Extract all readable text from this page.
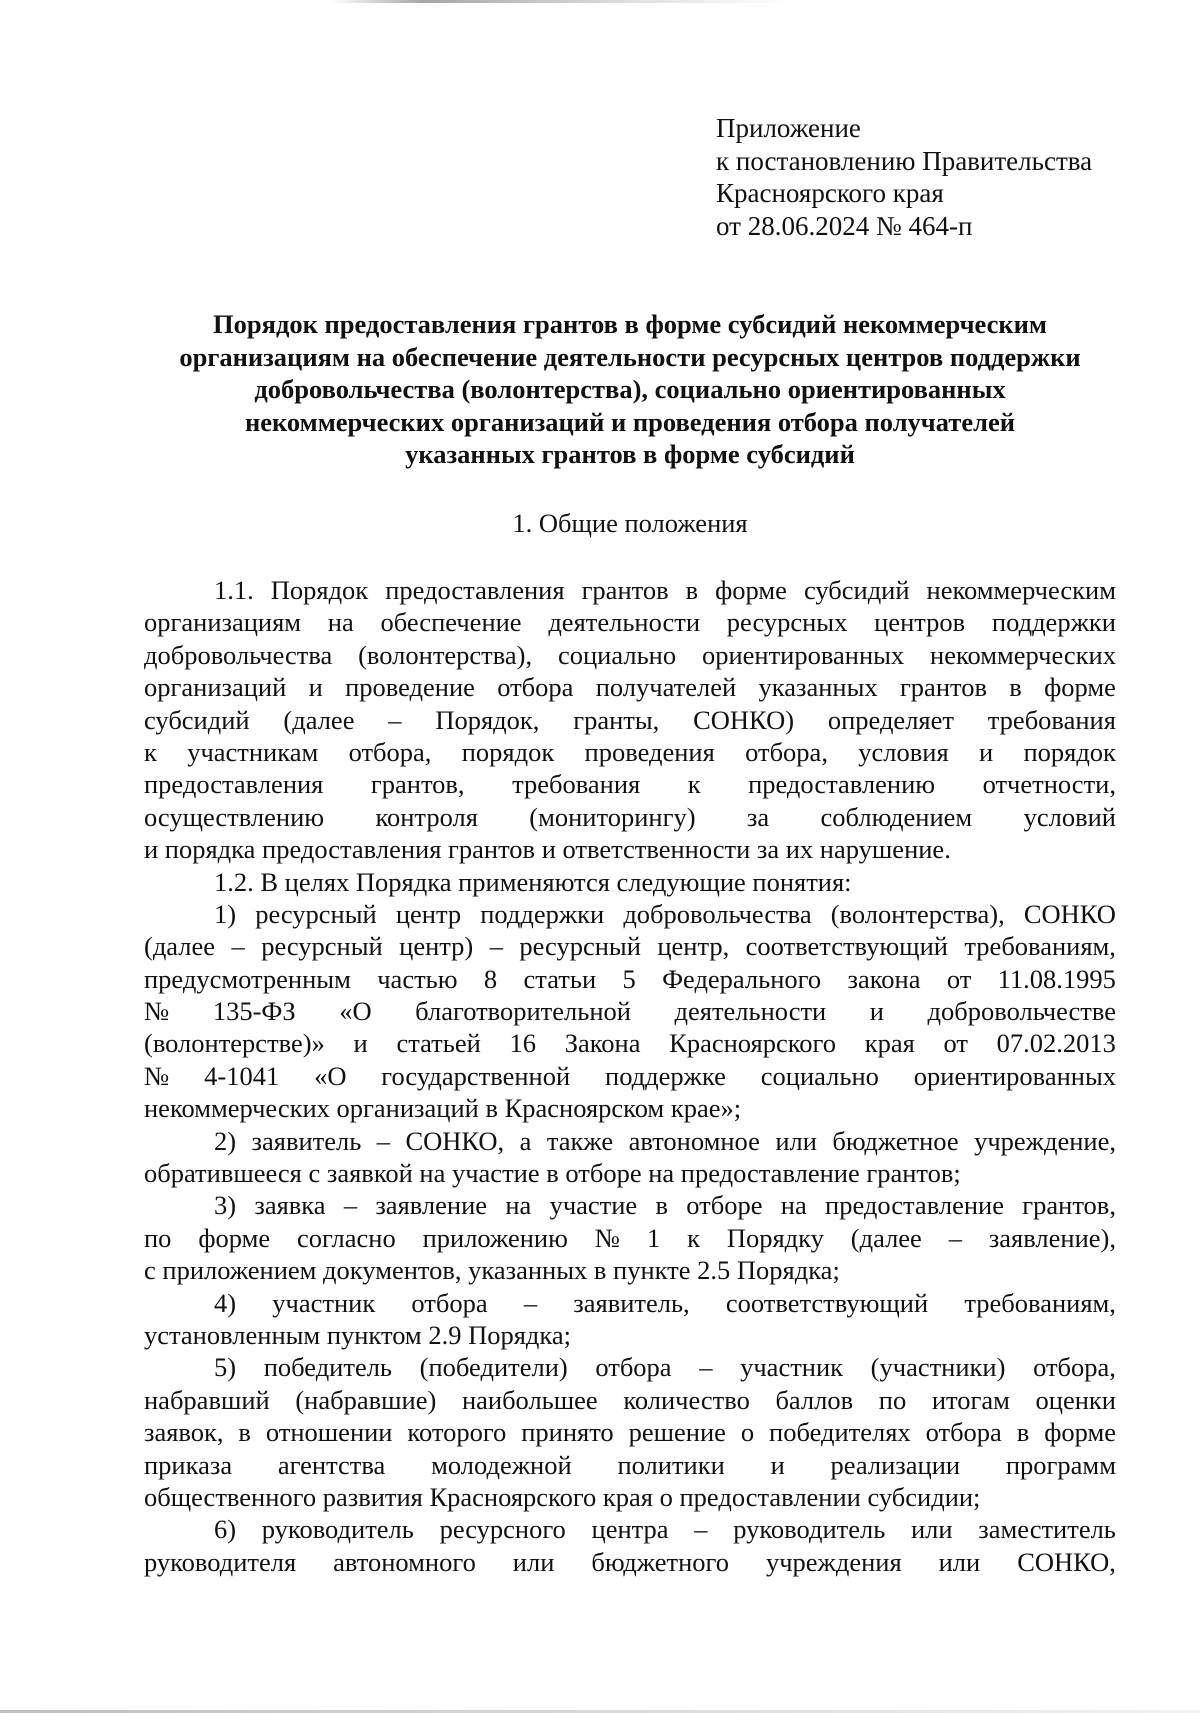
Приложение
к постановлению Правительства
Красноярского края
от 28.06.2024 № 464-п
Порядок предоставления грантов в форме субсидий некоммерческим
организациям на обеспечение деятельности ресурсных центров поддержки
добровольчества (волонтерства), социально ориентированных
некоммерческих организаций и проведения отбора получателей
указанных грантов в форме субсидий
1. Общие положения
1.1. Порядок предоставления грантов в форме субсидий некоммерческим
организациям на обеспечение деятельности ресурсных центров поддержки
добровольчества (волонтерства), социально ориентированных некоммерческих
организаций и проведение отбора получателей указанных грантов в форме
субсидий (далее – Порядок, гранты, СОНКО) определяет требования
к участникам отбора, порядок проведения отбора, условия и порядок
предоставления грантов, требования к предоставлению отчетности,
осуществлению контроля (мониторингу) за соблюдением условий
и порядка предоставления грантов и ответственности за их нарушение.
1.2. В целях Порядка применяются следующие понятия:
1) ресурсный центр поддержки добровольчества (волонтерства), СОНКО
(далее – ресурсный центр) – ресурсный центр, соответствующий требованиям,
предусмотренным частью 8 статьи 5 Федерального закона от 11.08.1995
№ 135-ФЗ «О благотворительной деятельности и добровольчестве
(волонтерстве)» и статьей 16 Закона Красноярского края от 07.02.2013
№ 4-1041 «О государственной поддержке социально ориентированных
некоммерческих организаций в Красноярском крае»;
2) заявитель – СОНКО, а также автономное или бюджетное учреждение,
обратившееся с заявкой на участие в отборе на предоставление грантов;
3) заявка – заявление на участие в отборе на предоставление грантов,
по форме согласно приложению № 1 к Порядку (далее – заявление),
с приложением документов, указанных в пункте 2.5 Порядка;
4) участник отбора – заявитель, соответствующий требованиям,
установленным пунктом 2.9 Порядка;
5) победитель (победители) отбора – участник (участники) отбора,
набравший (набравшие) наибольшее количество баллов по итогам оценки
заявок, в отношении которого принято решение о победителях отбора в форме
приказа агентства молодежной политики и реализации программ
общественного развития Красноярского края о предоставлении субсидии;
6) руководитель ресурсного центра – руководитель или заместитель
руководителя автономного или бюджетного учреждения или СОНКО,
